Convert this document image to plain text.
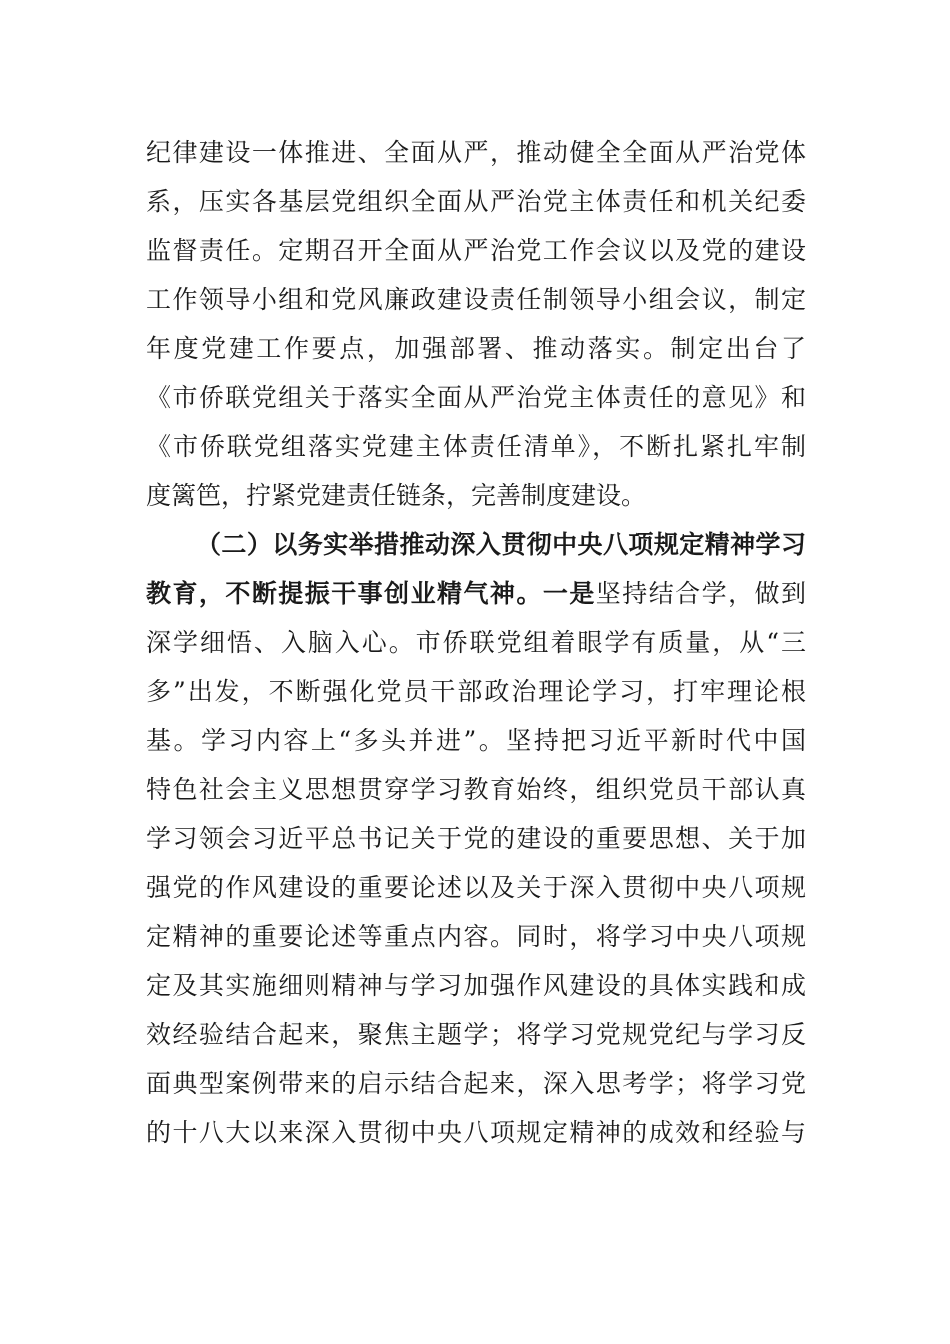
纪律建设一体推进、全面从严，推动健全全面从严治党体
系，压实各基层党组织全面从严治党主体责任和机关纪委
监督责任。定期召开全面从严治党工作会议以及党的建设
工作领导小组和党风廉政建设责任制领导小组会议，制定
年度党建工作要点，加强部署、推动落实。制定出台了
《市侨联党组关于落实全面从严治党主体责任的意见》和
《市侨联党组落实党建主体责任清单》，不断扎紧扎牢制
度篱笆，拧紧党建责任链条，完善制度建设。
（二）以务实举措推动深入贯彻中央八项规定精神学习
教育，不断提振干事创业精气神。一是坚持结合学，做到
深学细悟、入脑入心。市侨联党组着眼学有质量，从“三
多”出发，不断强化党员干部政治理论学习，打牢理论根
基。学习内容上“多头并进”。坚持把习近平新时代中国
特色社会主义思想贯穿学习教育始终，组织党员干部认真
学习领会习近平总书记关于党的建设的重要思想、关于加
强党的作风建设的重要论述以及关于深入贯彻中央八项规
定精神的重要论述等重点内容。同时，将学习中央八项规
定及其实施细则精神与学习加强作风建设的具体实践和成
效经验结合起来，聚焦主题学；将学习党规党纪与学习反
面典型案例带来的启示结合起来，深入思考学；将学习党
的十八大以来深入贯彻中央八项规定精神的成效和经验与
